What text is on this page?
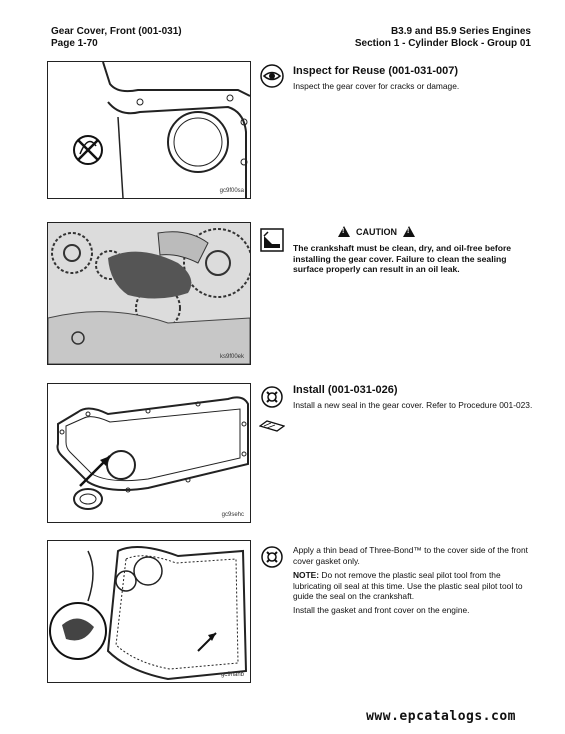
Gear Cover, Front (001-031)
Page 1-70
B3.9 and B5.9 Series Engines
Section 1 - Cylinder Block - Group 01
gc9f00sa
Inspect for Reuse (001-031-007)
Inspect the gear cover for cracks or damage.
ks9f00ek
!
CAUTION
!
The crankshaft must be clean, dry, and oil-free before installing the gear cover. Failure to clean the sealing surface properly can result in an oil leak.
gc9sehc
Install (001-031-026)
Install a new seal in the gear cover. Refer to Procedure 001-023.
gc9hahb
Apply a thin bead of Three-Bond™ to the cover side of the front cover gasket only.
NOTE: Do not remove the plastic seal pilot tool from the lubricating oil seal at this time. Use the plastic seal pilot tool to guide the seal on the crankshaft.
Install the gasket and front cover on the engine.
www.epcatalogs.com
